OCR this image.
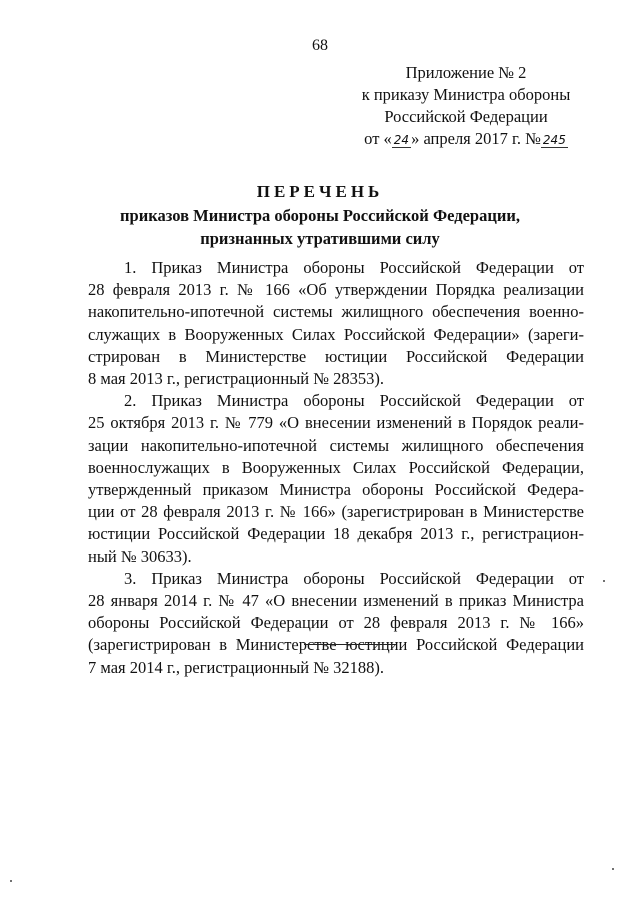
68
Приложение № 2
к приказу Министра обороны
Российской Федерации
от « 24 » апреля 2017 г. № 245
ПЕРЕЧЕНЬ
приказов Министра обороны Российской Федерации,
признанных утратившими силу
1. Приказ Министра обороны Российской Федерации от
28 февраля 2013 г. № 166 «Об утверждении Порядка реализации
накопительно-ипотечной системы жилищного обеспечения военно-
служащих в Вооруженных Силах Российской Федерации» (зареги-
стрирован в Министерстве юстиции Российской Федерации
8 мая 2013 г., регистрационный № 28353).
2. Приказ Министра обороны Российской Федерации от
25 октября 2013 г. № 779 «О внесении изменений в Порядок реали-
зации накопительно-ипотечной системы жилищного обеспечения
военнослужащих в Вооруженных Силах Российской Федерации,
утвержденный приказом Министра обороны Российской Федера-
ции от 28 февраля 2013 г. № 166» (зарегистрирован в Министерстве
юстиции Российской Федерации 18 декабря 2013 г., регистрацион-
ный № 30633).
3. Приказ Министра обороны Российской Федерации от
28 января 2014 г. № 47 «О внесении изменений в приказ Министра
обороны Российской Федерации от 28 февраля 2013 г. № 166»
(зарегистрирован в Министерстве юстиции Российской Федерации
7 мая 2014 г., регистрационный № 32188).
